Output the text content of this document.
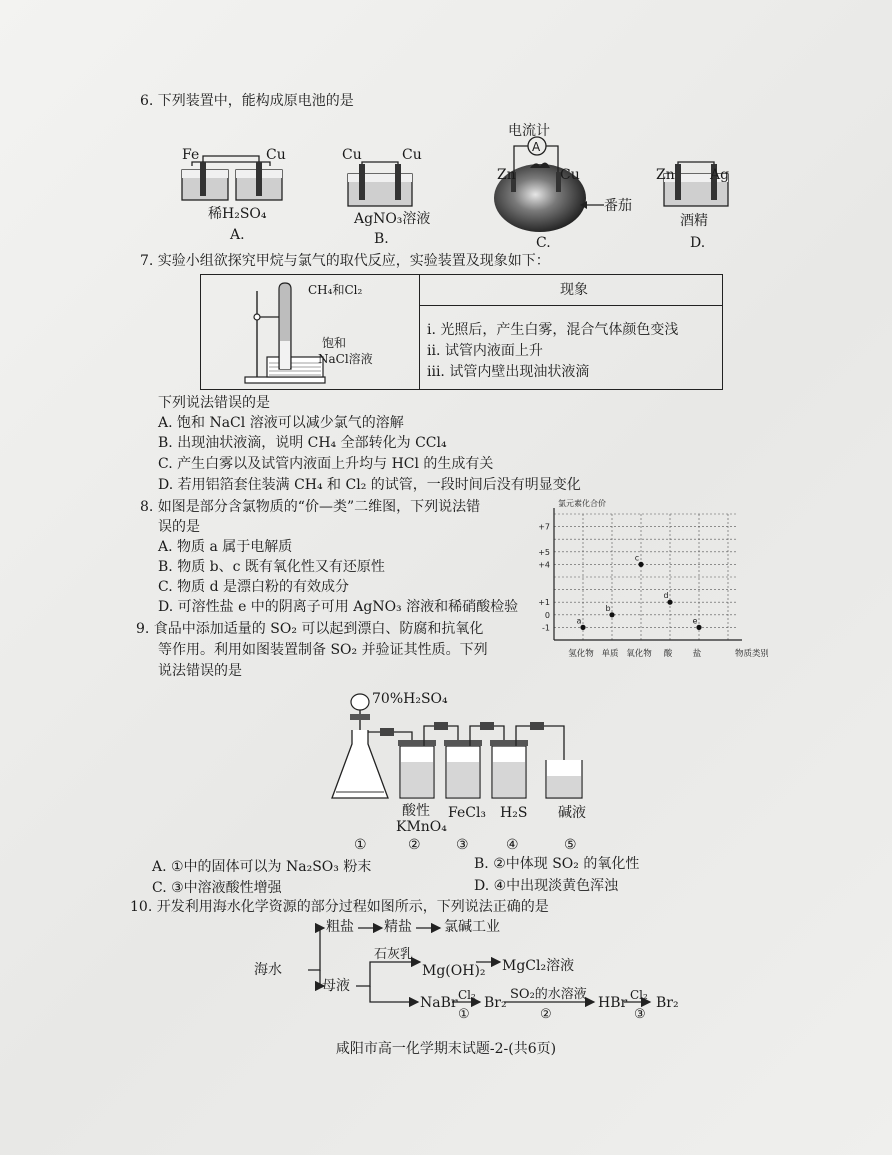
6. 下列装置中，能构成原电池的是
Fe	Cu
稀H₂SO₄
A.
Cu	Cu
AgNO₃溶液
B.
电流计
A
Zn	Cu
番茄
C.
Zn	Ag
酒精
D.
7. 实验小组欲探究甲烷与氯气的取代反应，实验装置及现象如下：
现象
i. 光照后，产生白雾，混合气体颜色变浅
ii. 试管内液面上升
iii. 试管内壁出现油状液滴
CH₄和Cl₂
饱和
NaCl溶液
下列说法错误的是
A. 饱和 NaCl 溶液可以减少氯气的溶解
B. 出现油状液滴，说明 CH₄ 全部转化为 CCl₄
C. 产生白雾以及试管内液面上升均与 HCl 的生成有关
D. 若用铝箔套住装满 CH₄ 和 Cl₂ 的试管，一段时间后没有明显变化
8. 如图是部分含氯物质的“价—类”二维图，下列说法错
误的是
A. 物质 a 属于电解质
B. 物质 b、c 既有氧化性又有还原性
C. 物质 d 是漂白粉的有效成分
D. 可溶性盐 e 中的阴离子可用 AgNO₃ 溶液和稀硝酸检验
+7
+5
+4
+1
0
-1
氯元素化合价
氢化物 单质 氧化物 酸 盐	物质类别
a
b
c
d
e
9. 食品中添加适量的 SO₂ 可以起到漂白、防腐和抗氧化
等作用。利用如图装置制备 SO₂ 并验证其性质。下列
说法错误的是
70%H₂SO₄
①
酸性
KMnO₄
②
FeCl₃
③
H₂S
④
碱液
⑤
A. ①中的固体可以为 Na₂SO₃ 粉末	B. ②中体现 SO₂ 的氧化性
C. ③中溶液酸性增强	D. ④中出现淡黄色浑浊
10. 开发利用海水化学资源的部分过程如图所示，下列说法正确的是
海水
粗盐 精盐 氯碱工业
石灰乳
Mg(OH)₂ MgCl₂溶液
母液
NaBr Cl₂
①
Br₂
SO₂的水溶液
②
HBr Cl₂
③
Br₂
咸阳市高一化学期末试题-2-(共6页)
